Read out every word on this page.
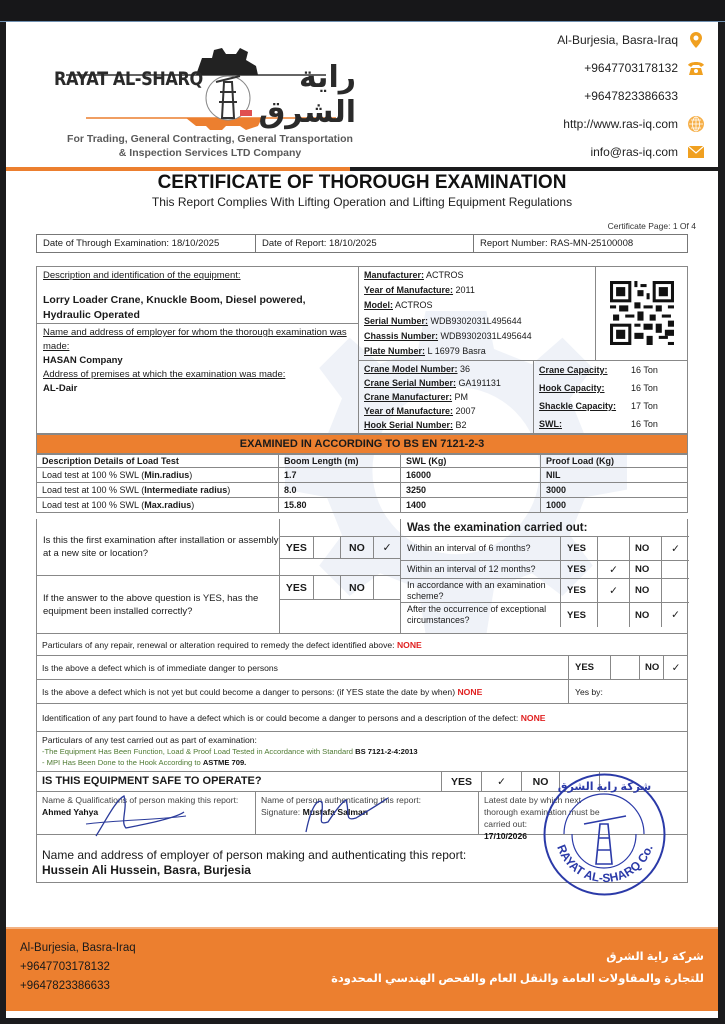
RAYAT AL-SHARQ	راية الشرق
For Trading, General Contracting, General Transportation
& Inspection Services LTD Company
Al-Burjesia, Basra-Iraq
+9647703178132
+9647823386633
http://www.ras-iq.com
info@ras-iq.com
CERTIFICATE OF THOROUGH EXAMINATION
This Report Complies With Lifting Operation and Lifting Equipment Regulations
Certificate Page: 1 Of 4
Date of Through Examination: 18/10/2025	Date of Report: 18/10/2025	Report Number: RAS-MN-25100008
Description and identification of the equipment:
Lorry Loader Crane, Knuckle Boom, Diesel powered, Hydraulic Operated
Name and address of employer for whom the thorough examination was made:
HASAN Company
Address of premises at which the examination was made:
AL-Dair
Manufacturer: ACTROS
Year of Manufacture: 2011
Model: ACTROS
Serial Number: WDB9302031L495644
Chassis Number: WDB9302031L495644
Plate Number: L 16979 Basra
Crane Model Number: 36
Crane Serial Number: GA191131
Crane Manufacturer: PM
Year of Manufacture: 2007
Hook Serial Number: B2
Crane Capacity:	16 Ton
Hook Capacity:	16 Ton
Shackle Capacity:	17 Ton
SWL:	16 Ton
EXAMINED IN ACCORDING TO BS EN 7121-2-3
Description Details of Load Test	Boom Length (m)	SWL (Kg)	Proof Load (Kg)
Load test at 100 % SWL (Min.radius)	1.7	16000	NIL
Load test at 100 % SWL (Intermediate radius)	8.0	3250	3000
Load test at 100 % SWL (Max.radius)	15.80	1400	1000
Is this the first examination after installation or assembly at a new site or location?
If the answer to the above question is YES, has the equipment been installed correctly?
YES	NO	✓
YES	NO
Was the examination carried out:
Within an interval of 6 months?	YES	NO	✓
Within an interval of 12 months?	YES	✓	NO
In accordance with an examination scheme?	YES	✓	NO
After the occurrence of exceptional circumstances?	YES	NO	✓
Particulars of any repair, renewal or alteration required to remedy the defect identified above:
NONE
Is the above a defect which is of immediate danger to persons	YES	NO	✓
Is the above a defect which is not yet but could become a danger to persons: (if YES state the date by when)
NONE	Yes by:
Identification of any part found to have a defect which is or could become a danger to persons and a description of the defect:
NONE
Particulars of any test carried out as part of examination:
-The Equipment Has Been Function, Load & Proof Load Tested in Accordance with Standard BS 7121-2-4:2013
- MPI Has Been Done to the Hook According to ASTME 709.
IS THIS EQUIPMENT SAFE TO OPERATE?	YES	✓	NO
Name & Qualifications of person making this report:
Ahmed Yahya
Name of person authenticating this report:
Signature: Mustafa Salman
Latest date by which next thorough examination must be carried out:
17/10/2026
Name and address of employer of person making and authenticating this report:
Hussein Ali Hussein, Basra, Burjesia
شركة راية الشرق
RAYAT AL-SHARQ Co.
Al-Burjesia, Basra-Iraq
+9647703178132
+9647823386633
شركة راية الشرق
للتجارة والمقاولات العامة والنقل العام والفحص الهندسي المحدودة
